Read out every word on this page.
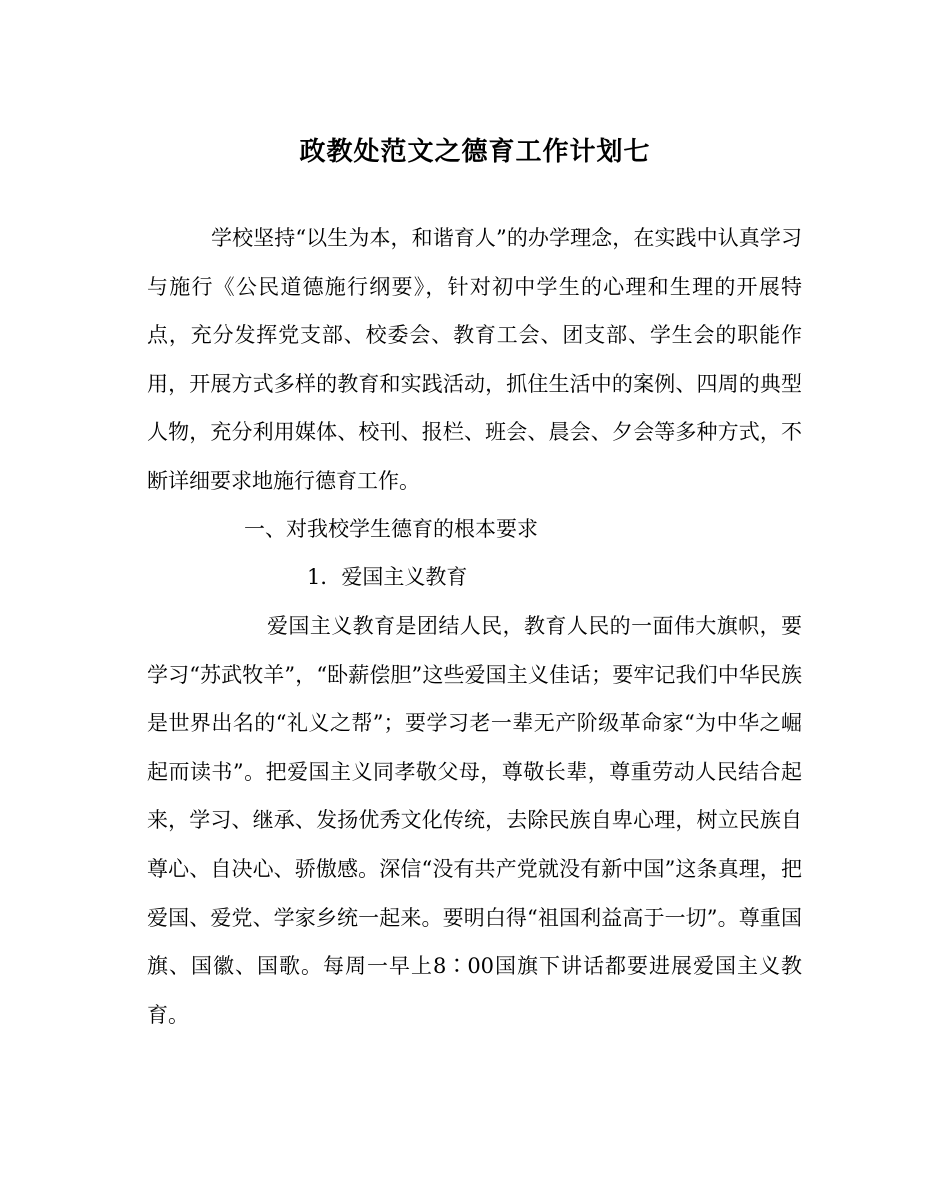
政教处范文之德育工作计划七

学校坚持“以生为本，和谐育人”的办学理念，在实践中认真学习与施行《公民道德施行纲要》，针对初中学生的心理和生理的开展特点，充分发挥党支部、校委会、教育工会、团支部、学生会的职能作用，开展方式多样的教育和实践活动，抓住生活中的案例、四周的典型人物，充分利用媒体、校刊、报栏、班会、晨会、夕会等多种方式，不断详细要求地施行德育工作。

一、对我校学生德育的根本要求
1．爱国主义教育

爱国主义教育是团结人民，教育人民的一面伟大旗帜，要学习“苏武牧羊”，“卧薪偿胆”这些爱国主义佳话；要牢记我们中华民族是世界出名的“礼义之帮”；要学习老一辈无产阶级革命家“为中华之崛起而读书”。把爱国主义同孝敬父母，尊敬长辈，尊重劳动人民结合起来，学习、继承、发扬优秀文化传统，去除民族自卑心理，树立民族自尊心、自决心、骄傲感。深信“没有共产党就没有新中国”这条真理，把爱国、爱党、学家乡统一起来。要明白得“祖国利益高于一切”。尊重国旗、国徽、国歌。每周一早上8∶00国旗下讲话都要进展爱国主义教育。
